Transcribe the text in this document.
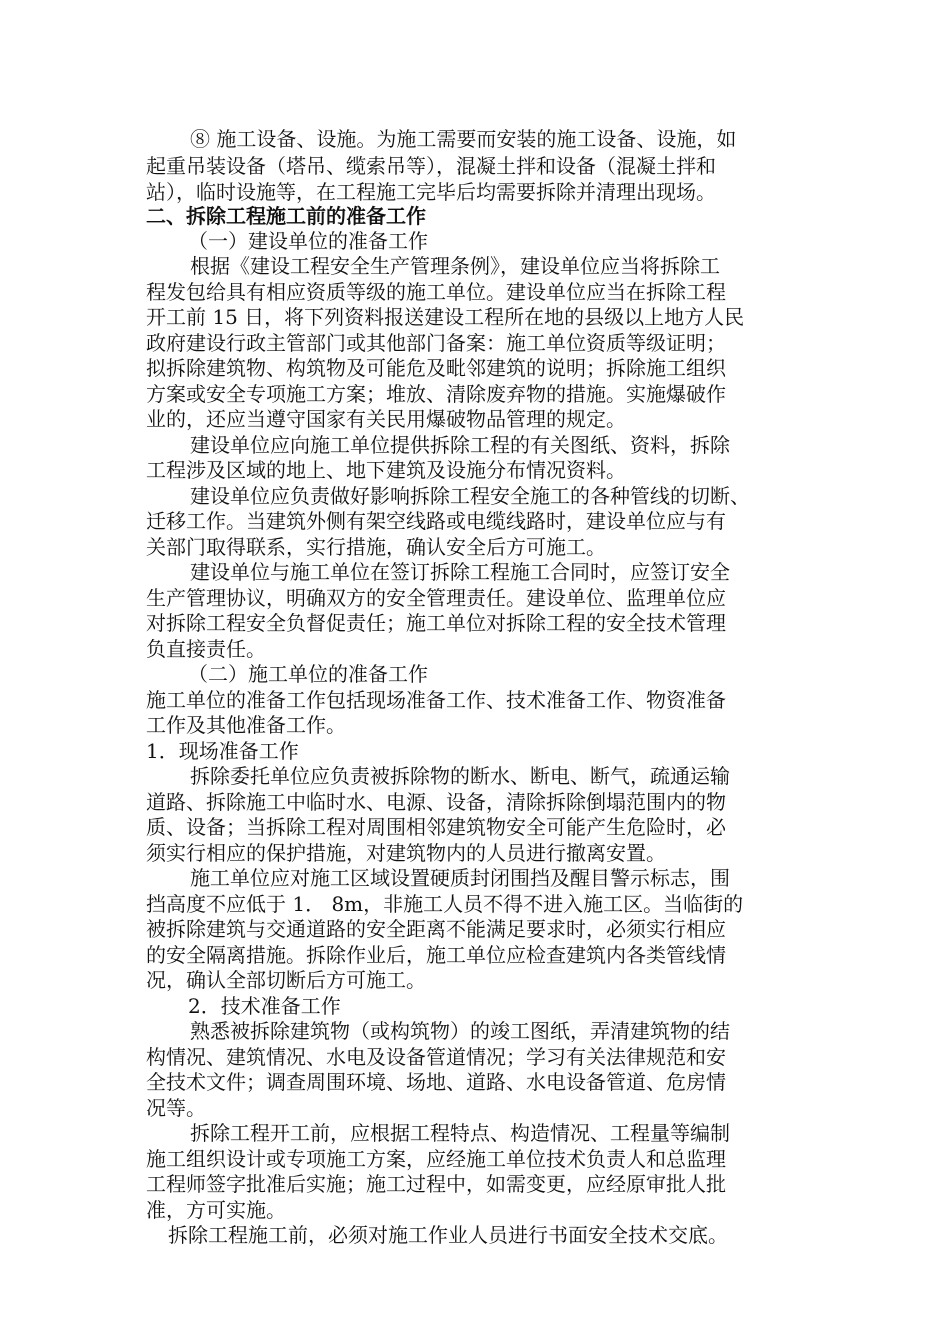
⑧ 施工设备、设施。为施工需要而安装的施工设备、设施，如
起重吊装设备（塔吊、缆索吊等），混凝土拌和设备（混凝土拌和
站），临时设施等，在工程施工完毕后均需要拆除并清理出现场。
二、拆除工程施工前的准备工作
（一）建设单位的准备工作
根据《建设工程安全生产管理条例》，建设单位应当将拆除工
程发包给具有相应资质等级的施工单位。建设单位应当在拆除工程
开工前 15 日，将下列资料报送建设工程所在地的县级以上地方人民
政府建设行政主管部门或其他部门备案：施工单位资质等级证明；
拟拆除建筑物、构筑物及可能危及毗邻建筑的说明；拆除施工组织
方案或安全专项施工方案；堆放、清除废弃物的措施。实施爆破作
业的，还应当遵守国家有关民用爆破物品管理的规定。
建设单位应向施工单位提供拆除工程的有关图纸、资料，拆除
工程涉及区域的地上、地下建筑及设施分布情况资料。
建设单位应负责做好影响拆除工程安全施工的各种管线的切断、
迁移工作。当建筑外侧有架空线路或电缆线路时，建设单位应与有
关部门取得联系，实行措施，确认安全后方可施工。
建设单位与施工单位在签订拆除工程施工合同时，应签订安全
生产管理协议，明确双方的安全管理责任。建设单位、监理单位应
对拆除工程安全负督促责任；施工单位对拆除工程的安全技术管理
负直接责任。
（二）施工单位的准备工作
施工单位的准备工作包括现场准备工作、技术准备工作、物资准备
工作及其他准备工作。
1．现场准备工作
拆除委托单位应负责被拆除物的断水、断电、断气，疏通运输
道路、拆除施工中临时水、电源、设备，清除拆除倒塌范围内的物
质、设备；当拆除工程对周围相邻建筑物安全可能产生危险时，必
须实行相应的保护措施，对建筑物内的人员进行撤离安置。
施工单位应对施工区域设置硬质封闭围挡及醒目警示标志，围
挡高度不应低于 1． 8m，非施工人员不得不进入施工区。当临街的
被拆除建筑与交通道路的安全距离不能满足要求时，必须实行相应
的安全隔离措施。拆除作业后，施工单位应检查建筑内各类管线情
况，确认全部切断后方可施工。
2．技术准备工作
熟悉被拆除建筑物（或构筑物）的竣工图纸，弄清建筑物的结
构情况、建筑情况、水电及设备管道情况；学习有关法律规范和安
全技术文件；调查周围环境、场地、道路、水电设备管道、危房情
况等。
拆除工程开工前，应根据工程特点、构造情况、工程量等编制
施工组织设计或专项施工方案，应经施工单位技术负责人和总监理
工程师签字批准后实施；施工过程中，如需变更，应经原审批人批
准，方可实施。
拆除工程施工前，必须对施工作业人员进行书面安全技术交底。
